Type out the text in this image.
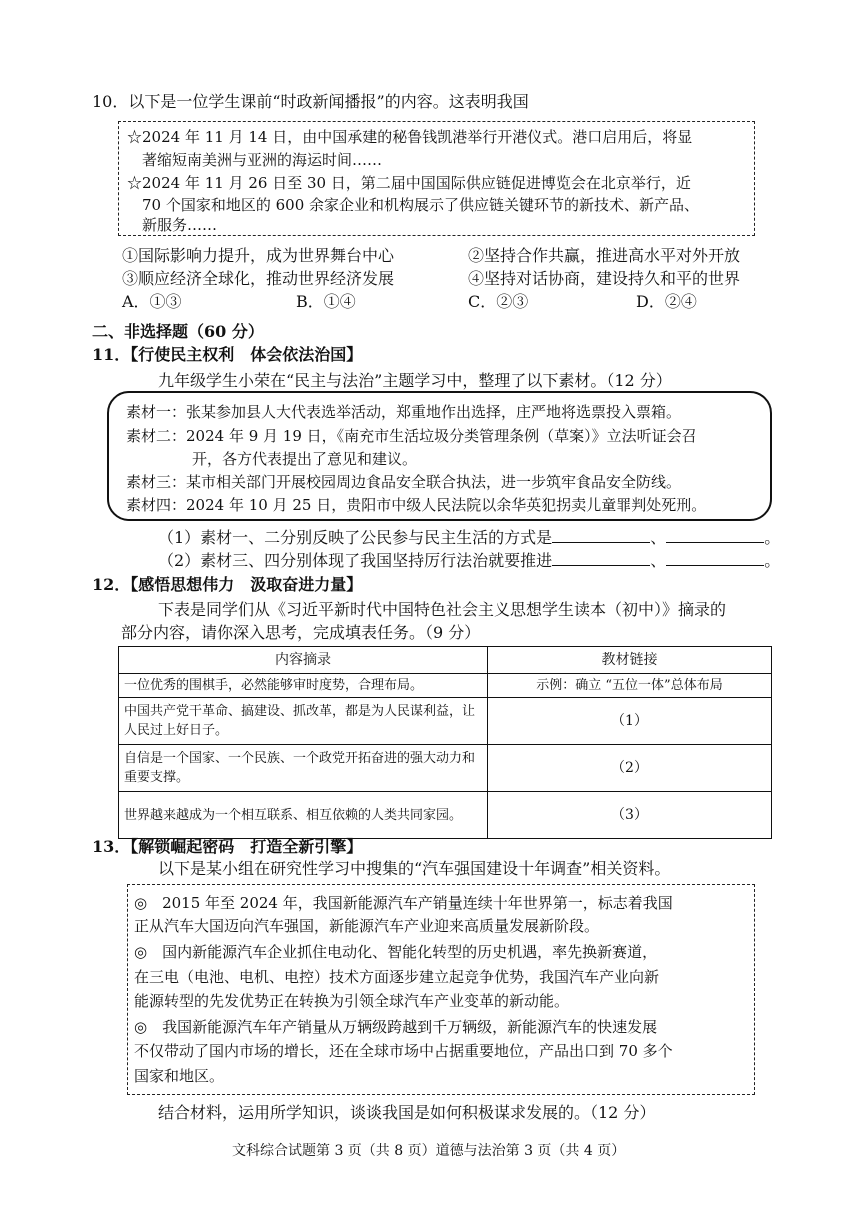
10．以下是一位学生课前“时政新闻播报”的内容。这表明我国
☆2024 年 11 月 14 日，由中国承建的秘鲁钱凯港举行开港仪式。港口启用后，将显
著缩短南美洲与亚洲的海运时间……
☆2024 年 11 月 26 日至 30 日，第二届中国国际供应链促进博览会在北京举行，近
70 个国家和地区的 600 余家企业和机构展示了供应链关键环节的新技术、新产品、
新服务……
①国际影响力提升，成为世界舞台中心	②坚持合作共赢，推进高水平对外开放
③顺应经济全球化，推动世界经济发展	④坚持对话协商，建设持久和平的世界
A．①③	B．①④	C．②③	D．②④
二、非选择题（60 分）
11．【行使民主权利　体会依法治国】
九年级学生小荣在“民主与法治”主题学习中，整理了以下素材。（12 分）
素材一：张某参加县人大代表选举活动，郑重地作出选择，庄严地将选票投入票箱。
素材二：2024 年 9 月 19 日，《南充市生活垃圾分类管理条例（草案）》立法听证会召
开，各方代表提出了意见和建议。
素材三：某市相关部门开展校园周边食品安全联合执法，进一步筑牢食品安全防线。
素材四：2024 年 10 月 25 日，贵阳市中级人民法院以余华英犯拐卖儿童罪判处死刑。
（1）素材一、二分别反映了公民参与民主生活的方式是	、	。
（2）素材三、四分别体现了我国坚持厉行法治就要推进	、	。
12．【感悟思想伟力　汲取奋进力量】
下表是同学们从《习近平新时代中国特色社会主义思想学生读本（初中）》摘录的
部分内容，请你深入思考，完成填表任务。（9 分）
内容摘录	教材链接
一位优秀的围棋手，必然能够审时度势，合理布局。	示例：确立 “五位一体”总体布局
中国共产党干革命、搞建设、抓改革，都是为人民谋利益，让人民过上好日子。	（1）
自信是一个国家、一个民族、一个政党开拓奋进的强大动力和重要支撑。	（2）
世界越来越成为一个相互联系、相互依赖的人类共同家园。	（3）
13．【解锁崛起密码　打造全新引擎】
以下是某小组在研究性学习中搜集的“汽车强国建设十年调查”相关资料。
◎　2015 年至 2024 年，我国新能源汽车产销量连续十年世界第一，标志着我国
正从汽车大国迈向汽车强国，新能源汽车产业迎来高质量发展新阶段。
◎　国内新能源汽车企业抓住电动化、智能化转型的历史机遇，率先换新赛道，
在三电（电池、电机、电控）技术方面逐步建立起竞争优势，我国汽车产业向新
能源转型的先发优势正在转换为引领全球汽车产业变革的新动能。
◎　我国新能源汽车年产销量从万辆级跨越到千万辆级，新能源汽车的快速发展
不仅带动了国内市场的增长，还在全球市场中占据重要地位，产品出口到 70 多个
国家和地区。
结合材料，运用所学知识，谈谈我国是如何积极谋求发展的。（12 分）
文科综合试题第 3 页（共 8 页）道德与法治第 3 页（共 4 页）
